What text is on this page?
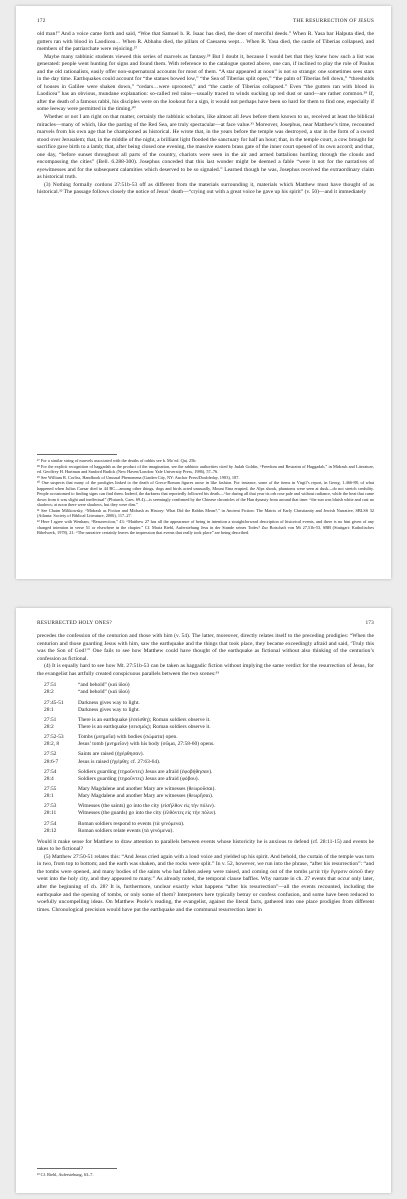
172	THE RESURRECTION OF JESUS

old man!” And a voice came forth and said, “Woe that Samuel b. R. Isaac has died, the doer of merciful deeds.” When R. Yasa bar Halputa died, the gutters ran with blood in Laodicea… When R. Abbahu died, the pillars of Caesarea wept… When R. Yasa died, the castle of Tiberias collapsed, and members of the patriarchate were rejoicing.²⁷

Maybe many rabbinic students viewed this series of marvels as fantasy.²⁸ But I doubt it, because I would bet that they knew how such a list was generated: people went hunting for signs and found them. With reference to the catalogue quoted above, one can, if inclined to play the role of Paulus and the old rationalists, easily offer non-supernatural accounts for most of them. “A star appeared at noon” is not so strange: one sometimes sees stars in the day time. Earthquakes could account for “the statues bowed low,” “the Sea of Tiberias split open,” “the palm of Tiberias fell down,” “thresholds of houses in Galilee were shaken down,” “cedars…were uprooted,” and “the castle of Tiberias collapsed.” Even “the gutters ran with blood in Laodicea” has an obvious, mundane explanation: so-called red rains—usually traced to winds sucking up red dust or sand—are rather common.²⁹ If, after the death of a famous rabbi, his disciples were on the lookout for a sign, it would not perhaps have been so hard for them to find one, especially if some leeway were permitted in the timing.³⁰

Whether or not I am right on that matter, certainly the rabbinic scholars, like almost all Jews before them known to us, received at least the biblical miracles—many of which, like the parting of the Red Sea, are truly spectacular—at face value.³¹ Moreover, Josephus, near Matthew’s time, recounted marvels from his own age that he championed as historical. He wrote that, in the years before the temple was destroyed, a star in the form of a sword stood over Jerusalem; that, in the middle of the night, a brilliant light flooded the sanctuary for half an hour; that, in the temple court, a cow brought for sacrifice gave birth to a lamb; that, after being closed one evening, the massive eastern brass gate of the inner court opened of its own accord; and that, one day, “before sunset throughout all parts of the country, chariots were seen in the air and armed battalions hurtling through the clouds and encompassing the cities” (Bell. 6.288-300). Josephus conceded that this last wonder might be deemed a fable “were it not for the narratives of eyewitnesses and for the subsequent calamities which deserved to be so signaled.” Learned though he was, Josephus received the extraordinary claim as historical truth.

(3) Nothing formally cordons 27:51b-53 off as different from the materials surrounding it, materials which Matthew must have thought of as historical.³² The passage follows closely the notice of Jesus’ death—“crying out with a great voice he gave up his spirit” (v. 50)—and it immediately

²⁷ For a similar string of marvels associated with the deaths of rabbis see b. Moʿed. Qaṭ. 25b.

²⁸ For the explicit recognition of haggadah as the product of the imagination, see the rabbinic authorities cited by Judah Goldin, “Freedom and Restraint of Haggadah,” in Midrash and Literature, ed. Geoffrey H. Hartman and Sanford Budick (New Haven/London: Yale University Press, 1986), 57–76.

²⁹ See William R. Corliss, Handbook of Unusual Phenomena (Garden City, NY: Anchor Press/Doubleday, 1983), 187.

³⁰ One suspects that many of the prodigies linked to the death of Greco-Roman figures arose in like fashion. For instance, some of the items in Virgil’s report, in Georg. 1.466-88, of what happened when Julius Caesar died in 44 BC—among other things, dogs and birds acted unusually, Mount Etna erupted, the Alps shook, phantoms were seen at dusk—do not stretch credulity. People accustomed to finding signs can find them. Indeed, the darkness that reportedly followed his death—“for during all that year its orb rose pale and without radiance, while the heat that came down from it was slight and ineffectual” (Plutarch, Caes. 69.4)—is seemingly confirmed by the Chinese chronicles of the Han dynasty from around that time: “the sun was bluish white and cast no shadows; at noon there were shadows, but they were dim.”

³¹ See Chaim Milikowsky, “Midrash as Fiction and Midrash as History: What Did the Rabbis Mean?,” in Ancient Fiction: The Matrix of Early Christianity and Jewish Narrative, SBLSS 32 (Atlanta: Society of Biblical Literature, 2006), 117–27.

³² Here I agree with Wenham, “Resurrection,” 43: “Matthew 27 has all the appearance of being in intention a straightforward description of historical events, and there is no hint given of any changed intention in verse 51 or elsewhere in the chapter.” Cf. Maria Riebl, Auferstehung Jesu in der Stunde seines Todes? Zur Botschaft von Mt 27,51b-53, SBB (Stuttgart: Katholisches Bibelwerk, 1978), 21: “The narrative certainly leaves the impression that events that really took place” are being described.

RESURRECTED HOLY ONES?	173

precedes the confession of the centurion and those with him (v. 54). The latter, moreover, directly relates itself to the preceding prodigies: “When the centurion and those guarding Jesus with him, saw the earthquake and the things that took place, they became exceedingly afraid and said, ‘Truly this was the Son of God!’” One fails to see how Matthew could have thought of the earthquake as fictional without also thinking of the centurion’s confession as fictional.

(4) It is equally hard to see how Mt. 27:51b-53 can be taken as haggadic fiction without implying the same verdict for the resurrection of Jesus, for the evangelist has artfully created conspicuous parallels between the two scenes:³³

27:51	“and behold” (καὶ ἰδού)
28:2	“and behold” (καὶ ἰδού)
27:45-51	Darkness gives way to light.
28:1	Darkness gives way to light.
27:51	There is an earthquake (ἐσείσθη); Roman soldiers observe it.
28:2	There is an earthquake (σεισμός); Roman soldiers observe it.
27:52-53	Tombs (μνημεῖα) with bodies (σώματα) open.
28:2, 8	Jesus’ tomb (μνημεῖον) with his body (σῶμα, 27:58-60) opens.
27:52	Saints are raised (ἠγέρθησαν).
28:6-7	Jesus is raised (ἠγέρθη; cf. 27:63-64).
27:54	Soldiers guarding (τηροῦντες) Jesus are afraid (ἐφοβήθησαν).
28:4	Soldiers guarding (τηροῦντες) Jesus are afraid (φόβου).
27:55	Mary Magdalene and another Mary are witnesses (θεωροῦσαι).
28:1	Mary Magdalene and another Mary are witnesses (θεωρῆσαι).
27:53	Witnesses (the saints) go into the city (εἰσῆλθον εἰς τὴν πόλιν).
28:11	Witnesses (the guards) go into the city (ἐλθόντες εἰς τὴν πόλιν).
27:54	Roman soldiers respond to events (τὰ γενόμενα).
28:12	Roman soldiers relate events (τὰ γενόμενα).

Would it make sense for Matthew to draw attention to parallels between events whose historicity he is anxious to defend (cf. 28:11-15) and events he takes to be fictional?

(5) Matthew 27:50-51 relates this: “And Jesus cried again with a loud voice and yielded up his spirit. And behold, the curtain of the temple was torn in two, from top to bottom; and the earth was shaken, and the rocks were split.” In v. 52, however, we run into the phrase, “after his resurrection”: “and the tombs were opened, and many bodies of the saints who had fallen asleep were raised, and coming out of the tombs μετὰ τὴν ἔγερσιν αὐτοῦ they went into the holy city, and they appeared to many.” As already noted, the temporal clause baffles. Why narrate in ch. 27 events that occur only later, after the beginning of ch. 28? It is, furthermore, unclear exactly what happens “after his resurrection”—all the events recounted, including the earthquake and the opening of tombs, or only some of them? Interpreters here typically betray or confess confusion, and some have been reduced to woefully uncompelling ideas. On Matthew Poole’s reading, the evangelist, against the literal facts, gathered into one place prodigies from different times. Chronological precision would have put the earthquake and the communal resurrection later in

³³ Cf. Riebl, Auferstehung, 63–7.
